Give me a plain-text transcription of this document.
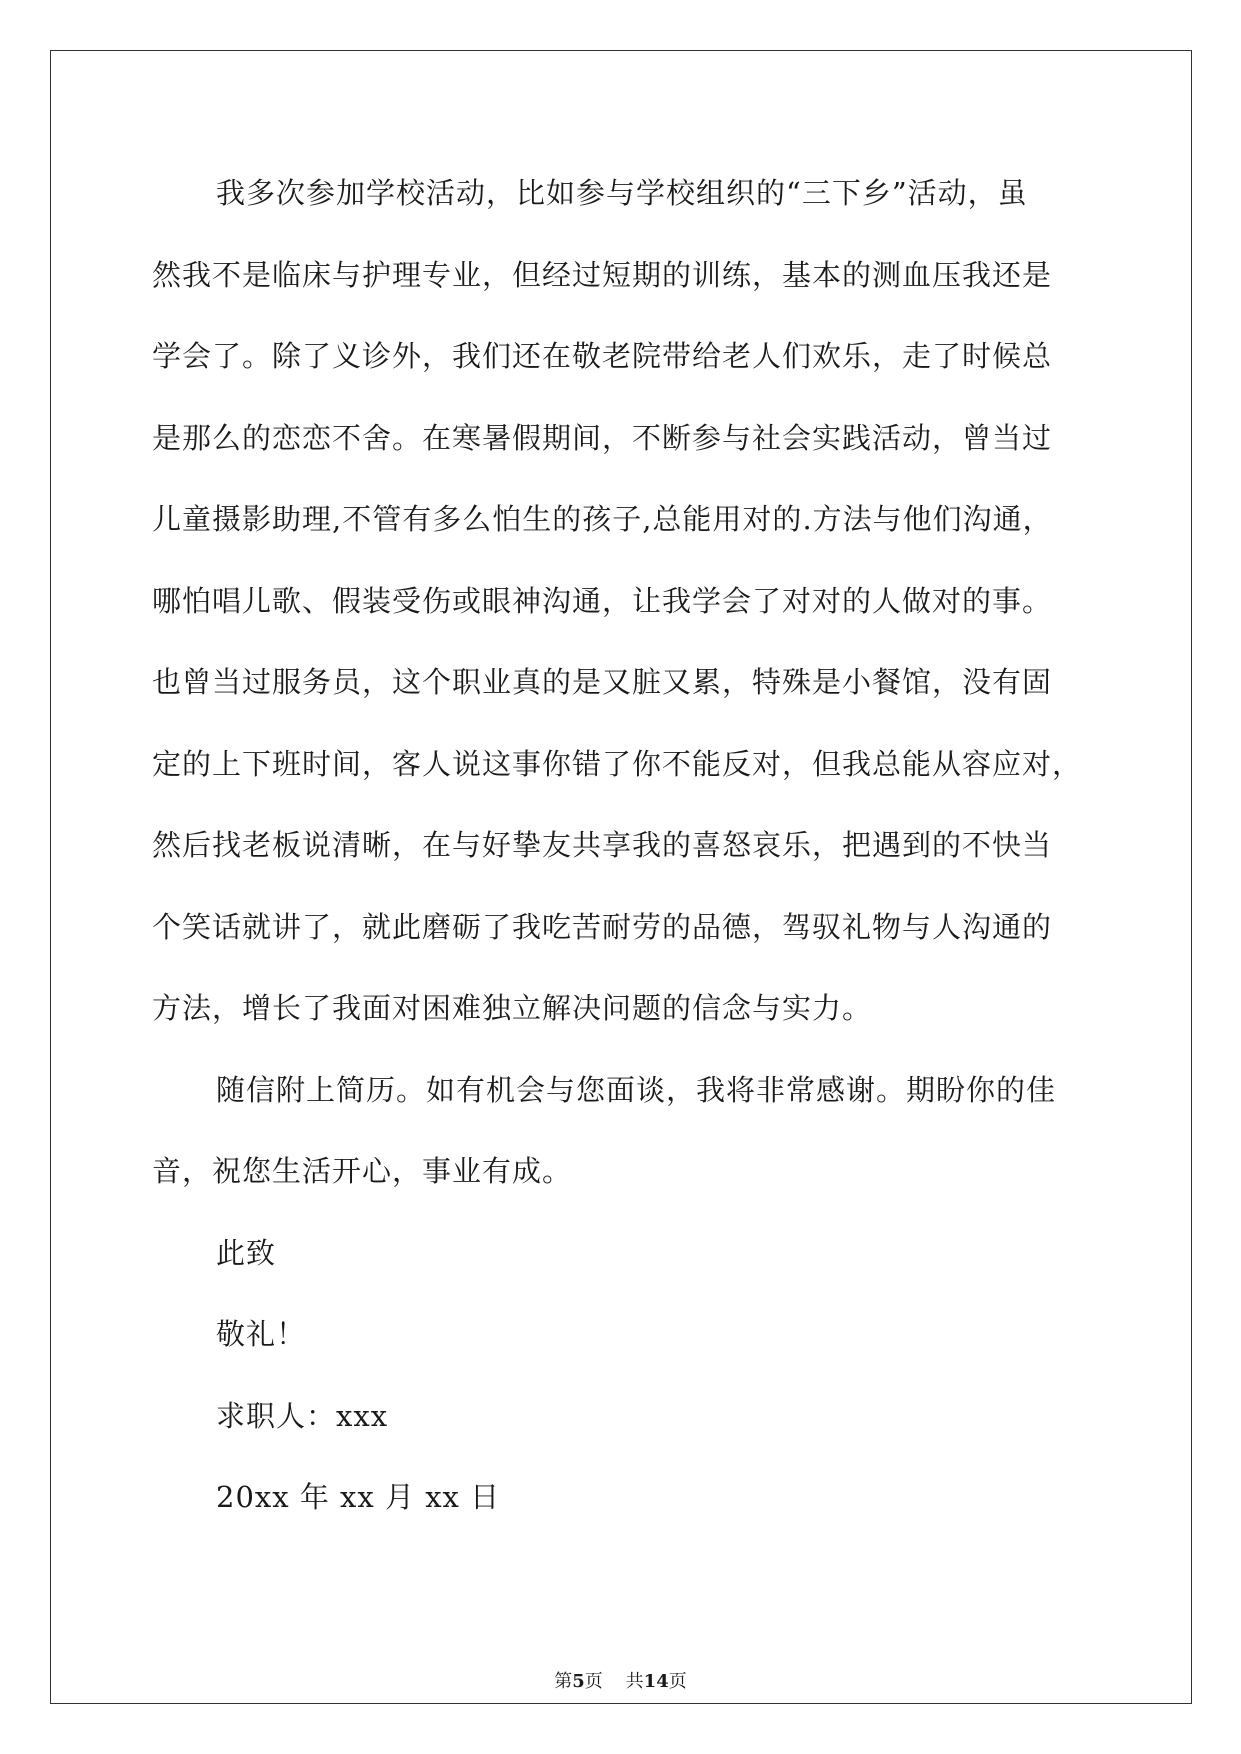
我多次参加学校活动，比如参与学校组织的“三下乡”活动，虽
然我不是临床与护理专业，但经过短期的训练，基本的测血压我还是
学会了。除了义诊外，我们还在敬老院带给老人们欢乐，走了时候总
是那么的恋恋不舍。在寒暑假期间，不断参与社会实践活动，曾当过
儿童摄影助理,不管有多么怕生的孩子,总能用对的.方法与他们沟通，
哪怕唱儿歌、假装受伤或眼神沟通，让我学会了对对的人做对的事。
也曾当过服务员，这个职业真的是又脏又累，特殊是小餐馆，没有固
定的上下班时间，客人说这事你错了你不能反对，但我总能从容应对，
然后找老板说清晰，在与好挚友共享我的喜怒哀乐，把遇到的不快当
个笑话就讲了，就此磨砺了我吃苦耐劳的品德，驾驭礼物与人沟通的
方法，增长了我面对困难独立解决问题的信念与实力。
随信附上简历。如有机会与您面谈，我将非常感谢。期盼你的佳
音，祝您生活开心，事业有成。
此致
敬礼！
求职人：xxx
20xx 年 xx 月 xx 日
第5页 共14页
